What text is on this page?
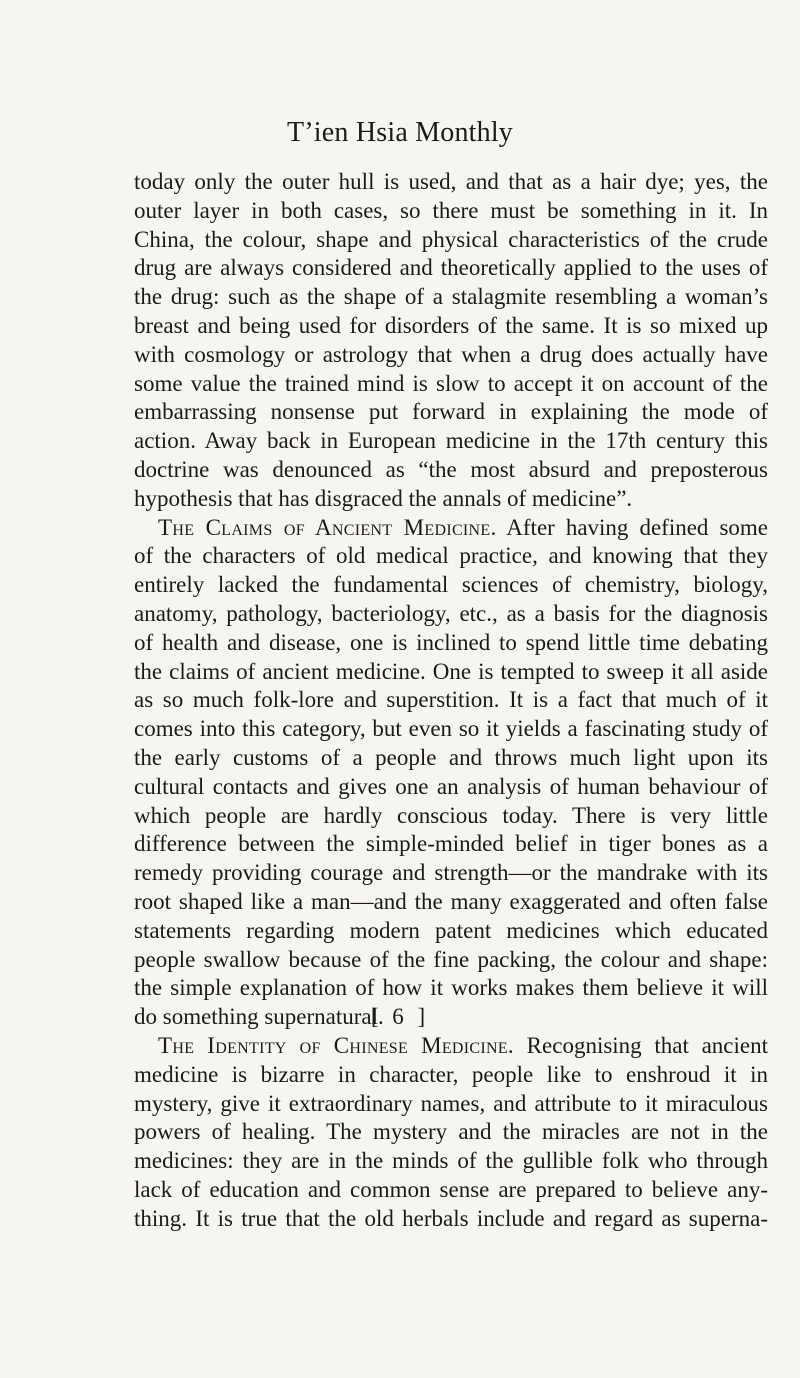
T’ien Hsia Monthly
today only the outer hull is used, and that as a hair dye; yes, the
outer layer in both cases, so there must be something in it. In
China, the colour, shape and physical characteristics of the crude
drug are always considered and theoretically applied to the uses of
the drug: such as the shape of a stalagmite resembling a woman’s
breast and being used for disorders of the same. It is so mixed up
with cosmology or astrology that when a drug does actually have
some value the trained mind is slow to accept it on account of the
embarrassing nonsense put forward in explaining the mode of
action. Away back in European medicine in the 17th century this
doctrine was denounced as “the most absurd and preposterous
hypothesis that has disgraced the annals of medicine”.
The Claims of Ancient Medicine. After having defined some
of the characters of old medical practice, and knowing that they
entirely lacked the fundamental sciences of chemistry, biology,
anatomy, pathology, bacteriology, etc., as a basis for the diagnosis
of health and disease, one is inclined to spend little time debating
the claims of ancient medicine. One is tempted to sweep it all aside
as so much folk-lore and superstition. It is a fact that much of it
comes into this category, but even so it yields a fascinating study of
the early customs of a people and throws much light upon its
cultural contacts and gives one an analysis of human behaviour of
which people are hardly conscious today. There is very little
difference between the simple-minded belief in tiger bones as a
remedy providing courage and strength—or the mandrake with its
root shaped like a man—and the many exaggerated and often false
statements regarding modern patent medicines which educated
people swallow because of the fine packing, the colour and shape:
the simple explanation of how it works makes them believe it will
do something supernatural.
The Identity of Chinese Medicine. Recognising that ancient
medicine is bizarre in character, people like to enshroud it in
mystery, give it extraordinary names, and attribute to it miraculous
powers of healing. The mystery and the miracles are not in the
medicines: they are in the minds of the gullible folk who through
lack of education and common sense are prepared to believe any-
thing. It is true that the old herbals include and regard as superna-
[ 6 ]
